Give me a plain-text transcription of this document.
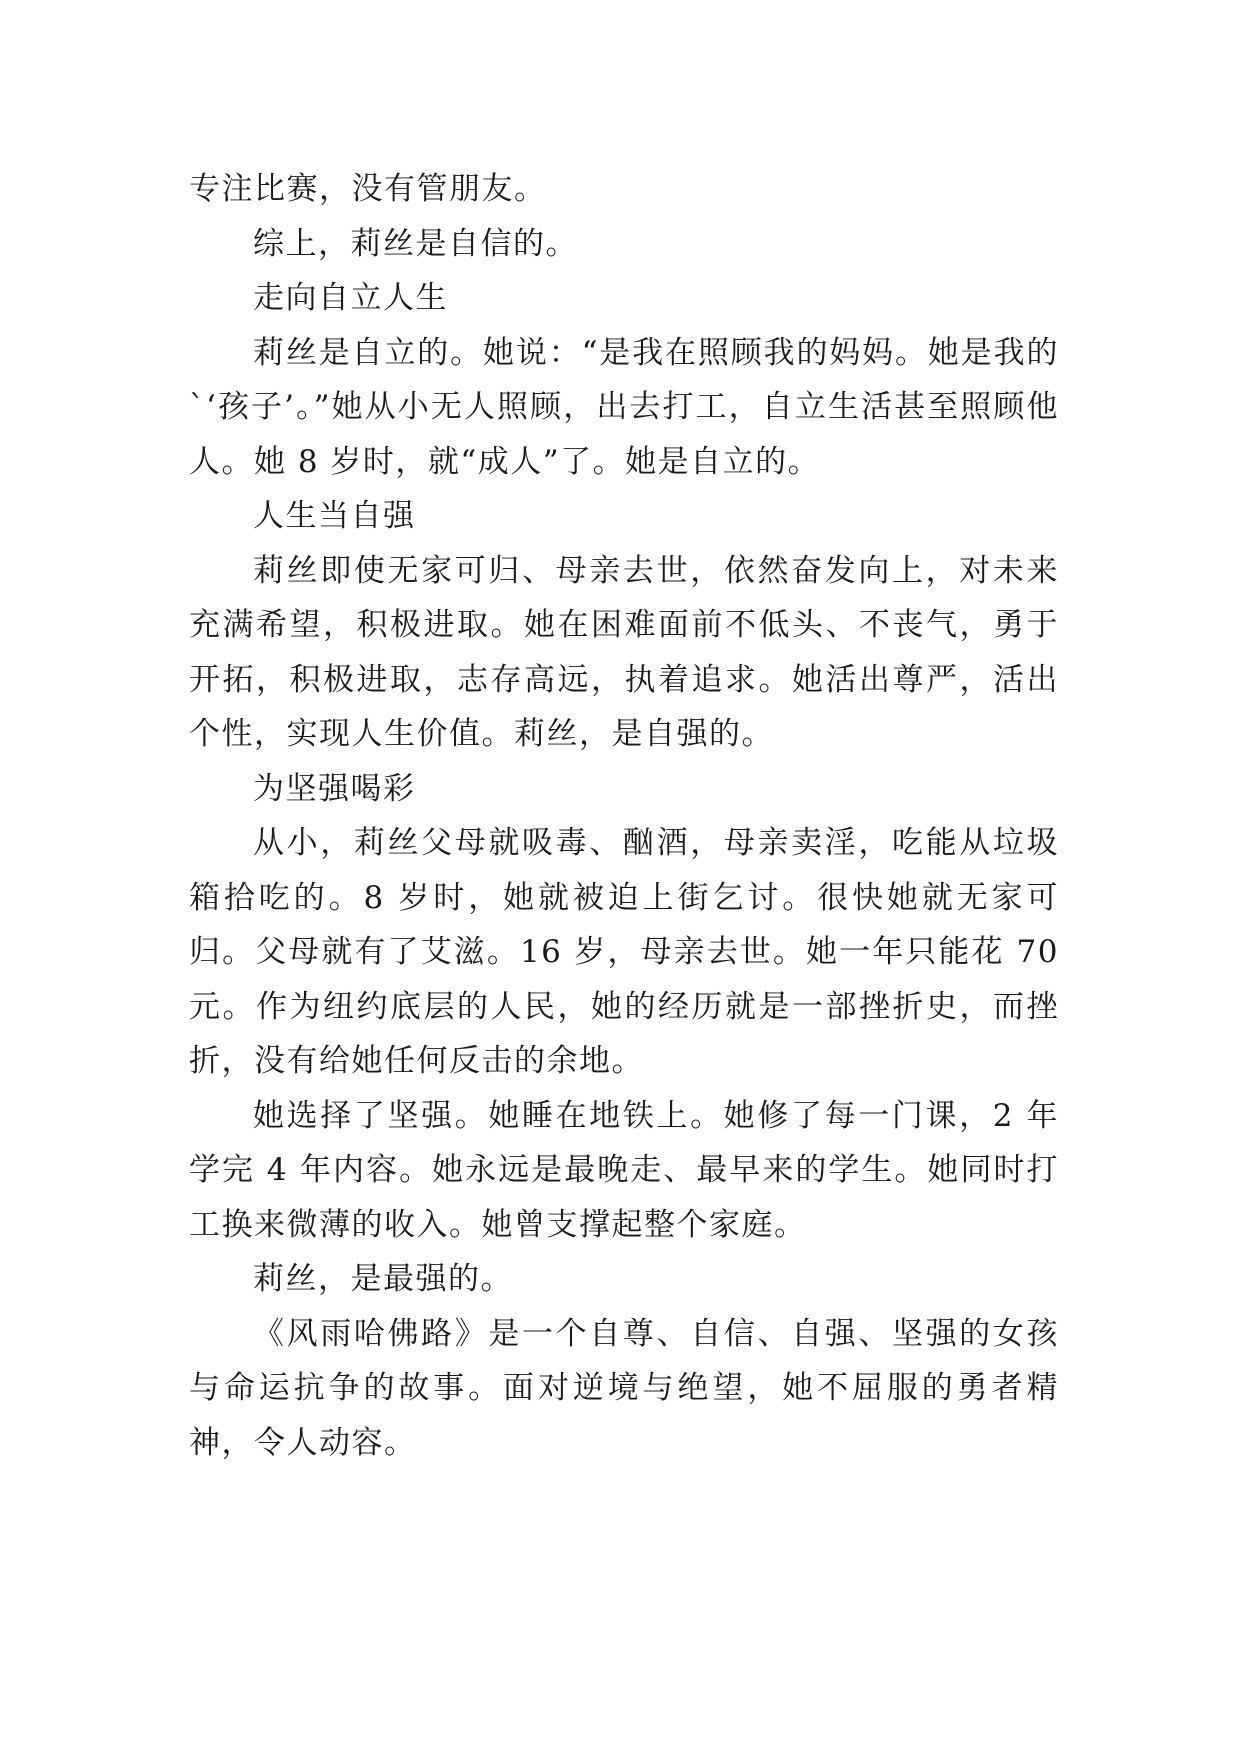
专注比赛，没有管朋友。

综上，莉丝是自信的。

走向自立人生

莉丝是自立的。她说：“是我在照顾我的妈妈。她是我的`‘孩子’。”她从小无人照顾，出去打工，自立生活甚至照顾他人。她 8 岁时，就“成人”了。她是自立的。

人生当自强

莉丝即使无家可归、母亲去世，依然奋发向上，对未来充满希望，积极进取。她在困难面前不低头、不丧气，勇于开拓，积极进取，志存高远，执着追求。她活出尊严，活出个性，实现人生价值。莉丝，是自强的。

为坚强喝彩

从小，莉丝父母就吸毒、酗酒，母亲卖淫，吃能从垃圾箱拾吃的。8 岁时，她就被迫上街乞讨。很快她就无家可归。父母就有了艾滋。16 岁，母亲去世。她一年只能花 70 元。作为纽约底层的人民，她的经历就是一部挫折史，而挫折，没有给她任何反击的余地。

她选择了坚强。她睡在地铁上。她修了每一门课，2 年学完 4 年内容。她永远是最晚走、最早来的学生。她同时打工换来微薄的收入。她曾支撑起整个家庭。

莉丝，是最强的。

《风雨哈佛路》是一个自尊、自信、自强、坚强的女孩与命运抗争的故事。面对逆境与绝望，她不屈服的勇者精神，令人动容。
